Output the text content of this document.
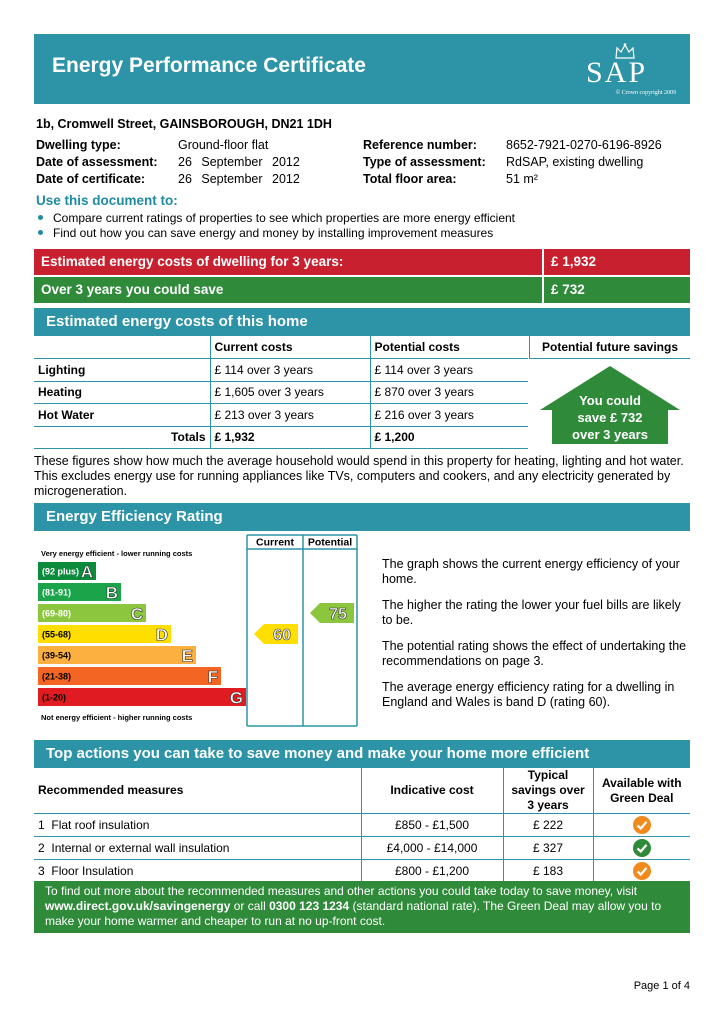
Energy Performance Certificate	SAP
© Crown copyright 2009
1b, Cromwell Street, GAINSBOROUGH, DN21 1DH
Dwelling type:	Ground-floor flat
Date of assessment: 26 September 2012
Date of certificate:	26 September 2012
Reference number: 8652-7921-0270-6196-8926
Type of assessment: RdSAP, existing dwelling
Total floor area:	51 m²
Use this document to:
Compare current ratings of properties to see which properties are more energy efficient
Find out how you can save energy and money by installing improvement measures
Estimated energy costs of dwelling for 3 years:	£ 1,932
Over 3 years you could save	£ 732
Estimated energy costs of this home
	Current costs	Potential costs
Lighting	£ 114 over 3 years	£ 114 over 3 years
Heating	£ 1,605 over 3 years	£ 870 over 3 years
Hot Water	£ 213 over 3 years	£ 216 over 3 years
Totals	£ 1,932	£ 1,200
Potential future savings
You could
save £ 732
over 3 years
These figures show how much the average household would spend in this property for heating, lighting and hot water. This excludes energy use for running appliances like TVs, computers and cookers, and any electricity generated by microgeneration.
Energy Efficiency Rating
Current Potential
Very energy efficient - lower running costs
Not energy efficient - higher running costs
(92 plus) A
(81-91) B
(69-80)	C
(55-68)	D
(39-54)	E
(21-38)	F
(1-20)	G
60
75
The graph shows the current energy efficiency of your home.
The higher the rating the lower your fuel bills are likely to be.
The potential rating shows the effect of undertaking the recommendations on page 3.
The average energy efficiency rating for a dwelling in England and Wales is band D (rating 60).
Top actions you can take to save money and make your home more efficient
Recommended measures	Indicative cost	Typical savings over 3 years	Available with Green Deal
1 Flat roof insulation	£850 - £1,500	£ 222	
2 Internal or external wall insulation	£4,000 - £14,000	£ 327	
3 Floor Insulation	£800 - £1,200	£ 183	
To find out more about the recommended measures and other actions you could take today to save money, visit www.direct.gov.uk/savingenergy or call 0300 123 1234 (standard national rate). The Green Deal may allow you to make your home warmer and cheaper to run at no up-front cost.
Page 1 of 4
